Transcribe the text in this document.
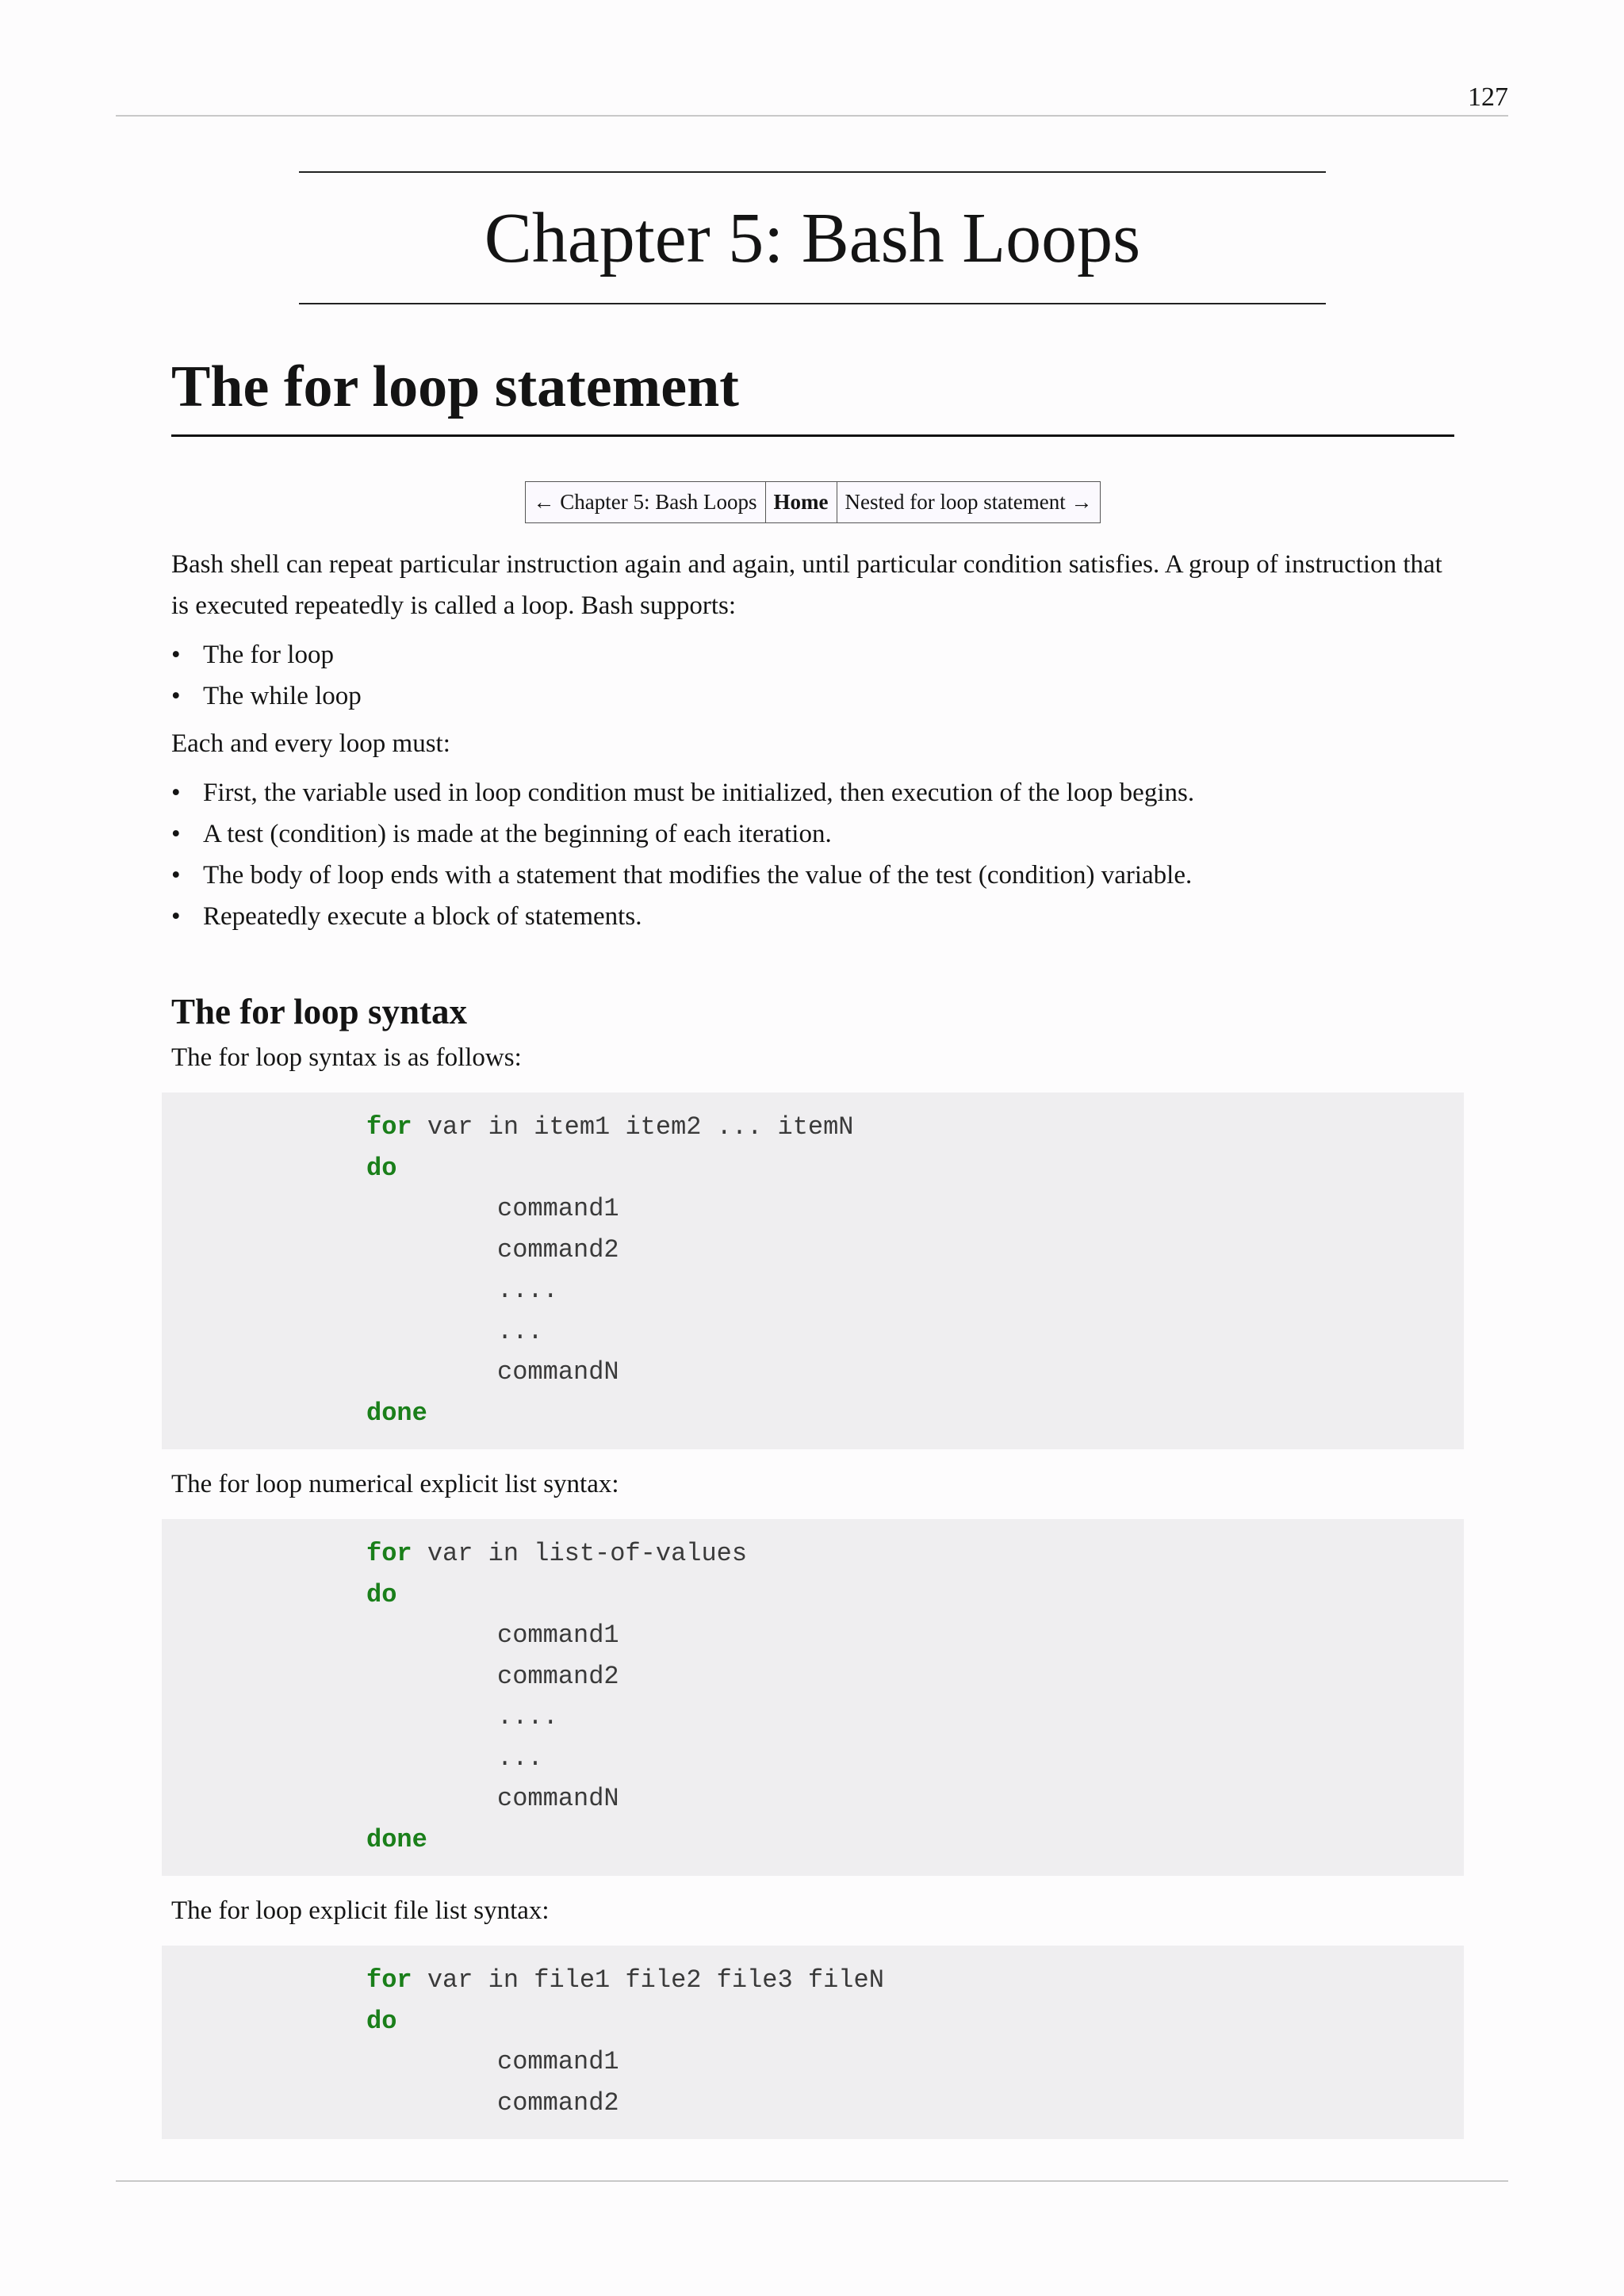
127
Chapter 5: Bash Loops
The for loop statement
← Chapter 5: Bash Loops	Home	Nested for loop statement →

Bash shell can repeat particular instruction again and again, until particular condition satisfies. A group of instruction that is executed repeatedly is called a loop. Bash supports:

• The for loop
• The while loop

Each and every loop must:

• First, the variable used in loop condition must be initialized, then execution of the loop begins.
• A test (condition) is made at the beginning of each iteration.
• The body of loop ends with a statement that modifies the value of the test (condition) variable.
• Repeatedly execute a block of statements.
The for loop syntax

The for loop syntax is as follows:

for var in item1 item2 ... itemN
do
command1
command2
....
...
commandN
done

The for loop numerical explicit list syntax:

for var in list-of-values
do
command1
command2
....
...
commandN
done

The for loop explicit file list syntax:

for var in file1 file2 file3 fileN
do
command1
command2
